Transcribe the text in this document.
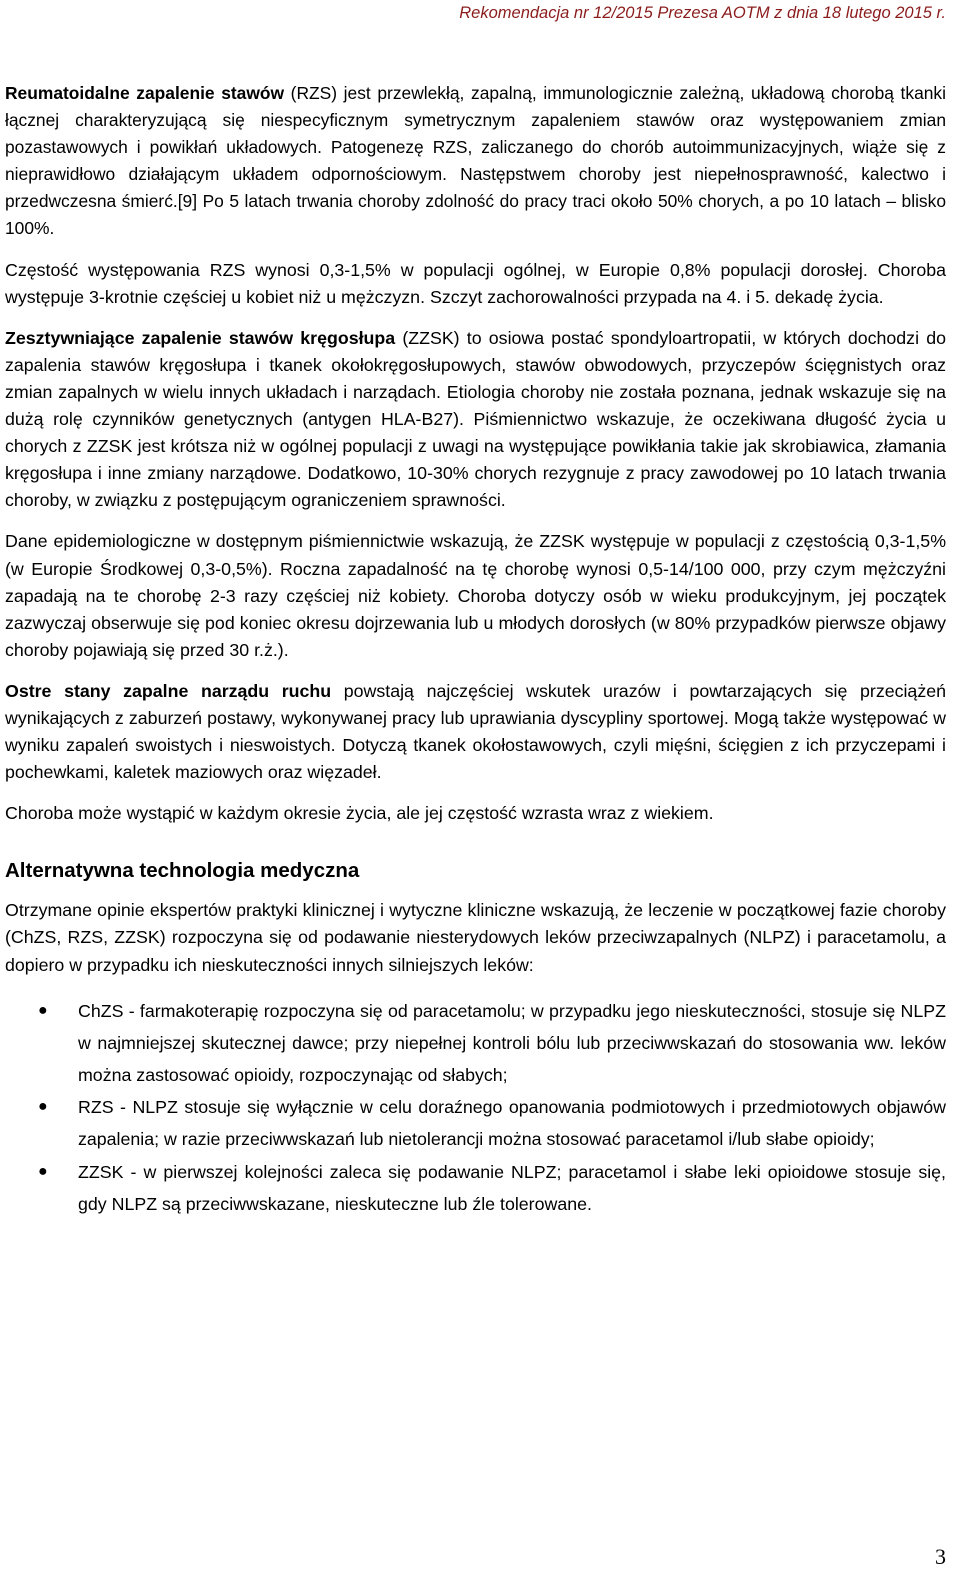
Rekomendacja nr 12/2015 Prezesa AOTM z dnia 18 lutego 2015 r.

Reumatoidalne zapalenie stawów (RZS) jest przewlekłą, zapalną, immunologicznie zależną, układową chorobą tkanki łącznej charakteryzującą się niespecyficznym symetrycznym zapaleniem stawów oraz występowaniem zmian pozastawowych i powikłań układowych. Patogenezę RZS, zaliczanego do chorób autoimmunizacyjnych, wiąże się z nieprawidłowo działającym układem odpornościowym. Następstwem choroby jest niepełnosprawność, kalectwo i przedwczesna śmierć.[9] Po 5 latach trwania choroby zdolność do pracy traci około 50% chorych, a po 10 latach – blisko 100%.

Częstość występowania RZS wynosi 0,3-1,5% w populacji ogólnej, w Europie 0,8% populacji dorosłej. Choroba występuje 3-krotnie częściej u kobiet niż u mężczyzn. Szczyt zachorowalności przypada na 4. i 5. dekadę życia.

Zesztywniające zapalenie stawów kręgosłupa (ZZSK) to osiowa postać spondyloartropatii, w których dochodzi do zapalenia stawów kręgosłupa i tkanek okołokręgosłupowych, stawów obwodowych, przyczepów ścięgnistych oraz zmian zapalnych w wielu innych układach i narządach. Etiologia choroby nie została poznana, jednak wskazuje się na dużą rolę czynników genetycznych (antygen HLA-B27). Piśmiennictwo wskazuje, że oczekiwana długość życia u chorych z ZZSK jest krótsza niż w ogólnej populacji z uwagi na występujące powikłania takie jak skrobiawica, złamania kręgosłupa i inne zmiany narządowe. Dodatkowo, 10-30% chorych rezygnuje z pracy zawodowej po 10 latach trwania choroby, w związku z postępującym ograniczeniem sprawności.

Dane epidemiologiczne w dostępnym piśmiennictwie wskazują, że ZZSK występuje w populacji z częstością 0,3-1,5% (w Europie Środkowej 0,3-0,5%). Roczna zapadalność na tę chorobę wynosi 0,5-14/100 000, przy czym mężczyźni zapadają na te chorobę 2-3 razy częściej niż kobiety. Choroba dotyczy osób w wieku produkcyjnym, jej początek zazwyczaj obserwuje się pod koniec okresu dojrzewania lub u młodych dorosłych (w 80% przypadków pierwsze objawy choroby pojawiają się przed 30 r.ż.).

Ostre stany zapalne narządu ruchu powstają najczęściej wskutek urazów i powtarzających się przeciążeń wynikających z zaburzeń postawy, wykonywanej pracy lub uprawiania dyscypliny sportowej. Mogą także występować w wyniku zapaleń swoistych i nieswoistych. Dotyczą tkanek okołostawowych, czyli mięśni, ścięgien z ich przyczepami i pochewkami, kaletek maziowych oraz więzadeł.

Choroba może wystąpić w każdym okresie życia, ale jej częstość wzrasta wraz z wiekiem.

Alternatywna technologia medyczna

Otrzymane opinie ekspertów praktyki klinicznej i wytyczne kliniczne wskazują, że leczenie w początkowej fazie choroby (ChZS, RZS, ZZSK) rozpoczyna się od podawanie niesterydowych leków przeciwzapalnych (NLPZ) i paracetamolu, a dopiero w przypadku ich nieskuteczności innych silniejszych leków:

● ChZS - farmakoterapię rozpoczyna się od paracetamolu; w przypadku jego nieskuteczności, stosuje się NLPZ w najmniejszej skutecznej dawce; przy niepełnej kontroli bólu lub przeciwwskazań do stosowania ww. leków można zastosować opioidy, rozpoczynając od słabych;
● RZS - NLPZ stosuje się wyłącznie w celu doraźnego opanowania podmiotowych i przedmiotowych objawów zapalenia; w razie przeciwwskazań lub nietolerancji można stosować paracetamol i/lub słabe opioidy;
● ZZSK - w pierwszej kolejności zaleca się podawanie NLPZ; paracetamol i słabe leki opioidowe stosuje się, gdy NLPZ są przeciwwskazane, nieskuteczne lub źle tolerowane.
3
